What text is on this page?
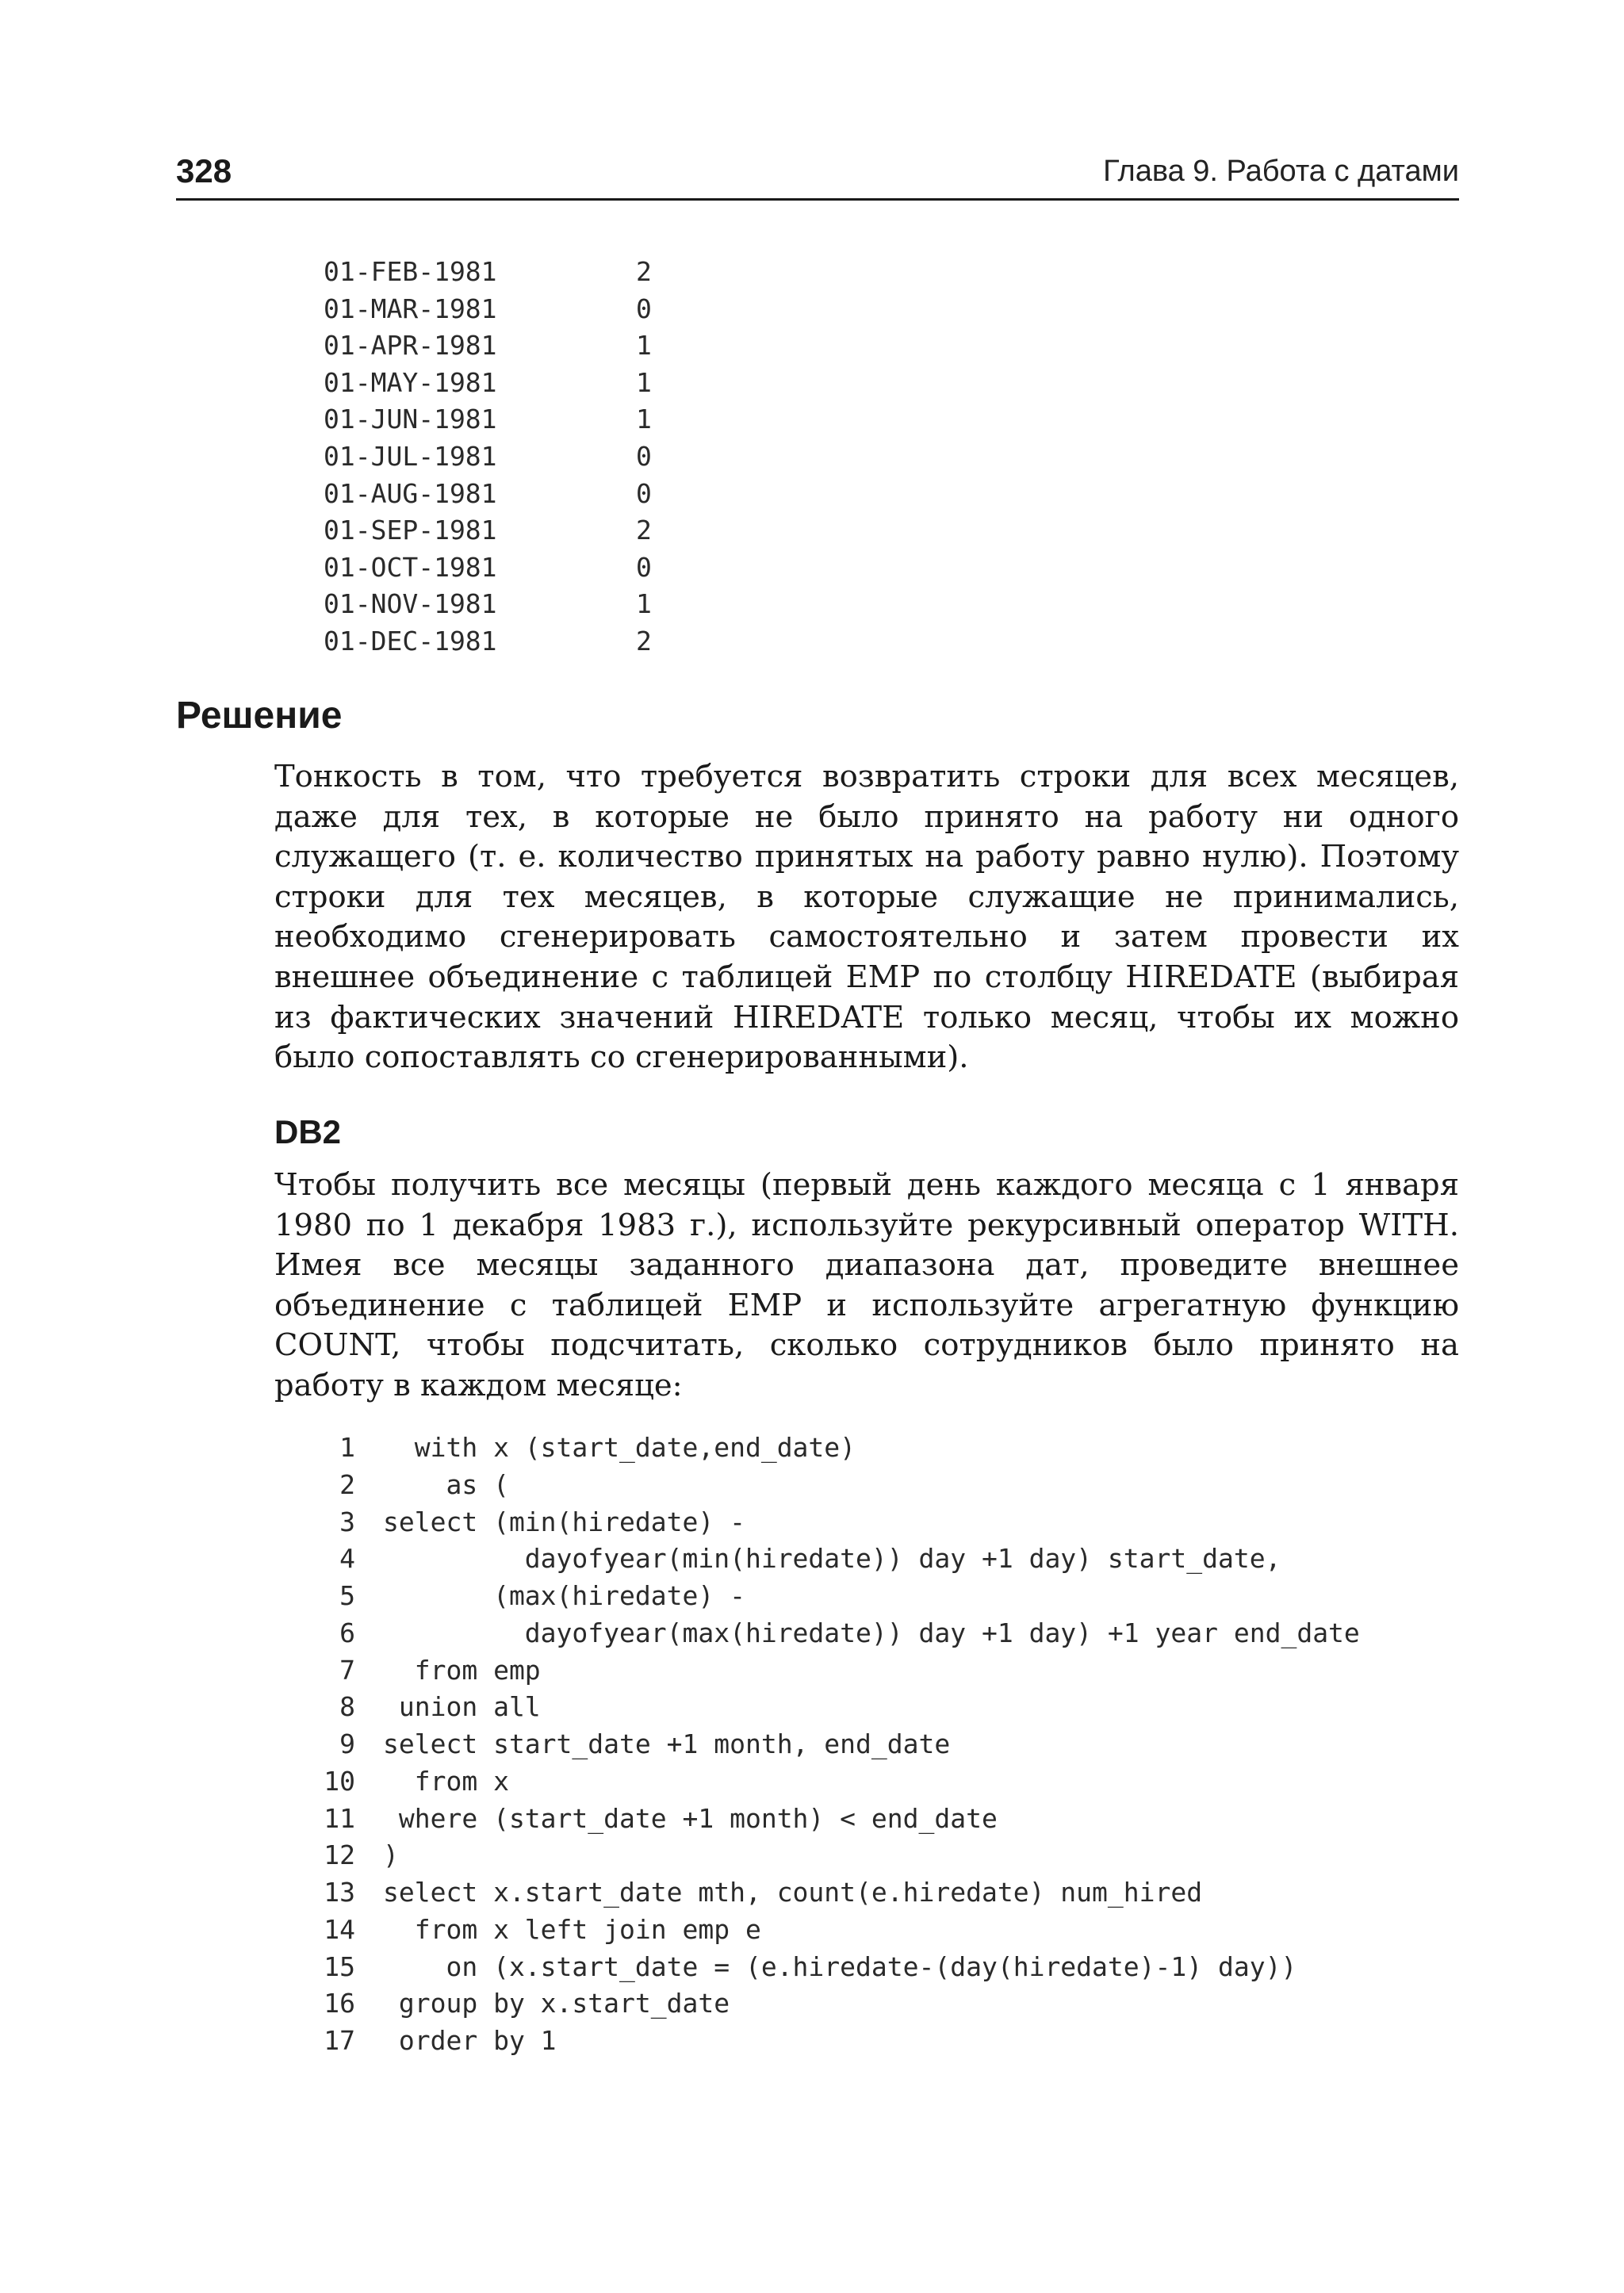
328	Глава 9. Работа с датами

01-FEB-1981	2
01-MAR-1981	0
01-APR-1981	1
01-MAY-1981	1
01-JUN-1981	1
01-JUL-1981	0
01-AUG-1981	0
01-SEP-1981	2
01-OCT-1981	0
01-NOV-1981	1
01-DEC-1981	2
Решение

Тонкость в том, что требуется возвратить строки для всех месяцев, даже для тех, в которые не было принято на работу ни одного служащего (т. е. количество принятых на работу равно нулю). Поэтому строки для тех месяцев, в которые служащие не принимались, необходимо сгенерировать самостоятельно и затем провести их внешнее объединение с таблицей EMP по столбцу HIREDATE (выбирая из фактических значений HIREDATE только месяц, чтобы их можно было сопоставлять со сгенерированными).

DB2

Чтобы получить все месяцы (первый день каждого месяца с 1 января 1980 по 1 декабря 1983 г.), используйте рекурсивный оператор WITH. Имея все месяцы заданного диапазона дат, проведите внешнее объединение с таблицей EMP и используйте агрегатную функцию COUNT, чтобы подсчитать, сколько сотрудников было принято на работу в каждом месяце:

1 with x (start_date,end_date)
2 as (
3 select (min(hiredate) -
4 dayofyear(min(hiredate)) day +1 day) start_date,
5 (max(hiredate) -
6 dayofyear(max(hiredate)) day +1 day) +1 year end_date
7 from emp
8 union all
9 select start_date +1 month, end_date
10 from x
11 where (start_date +1 month) < end_date
12 )
13 select x.start_date mth, count(e.hiredate) num_hired
14 from x left join emp e
15 on (x.start_date = (e.hiredate-(day(hiredate)-1) day))
16 group by x.start_date
17 order by 1
